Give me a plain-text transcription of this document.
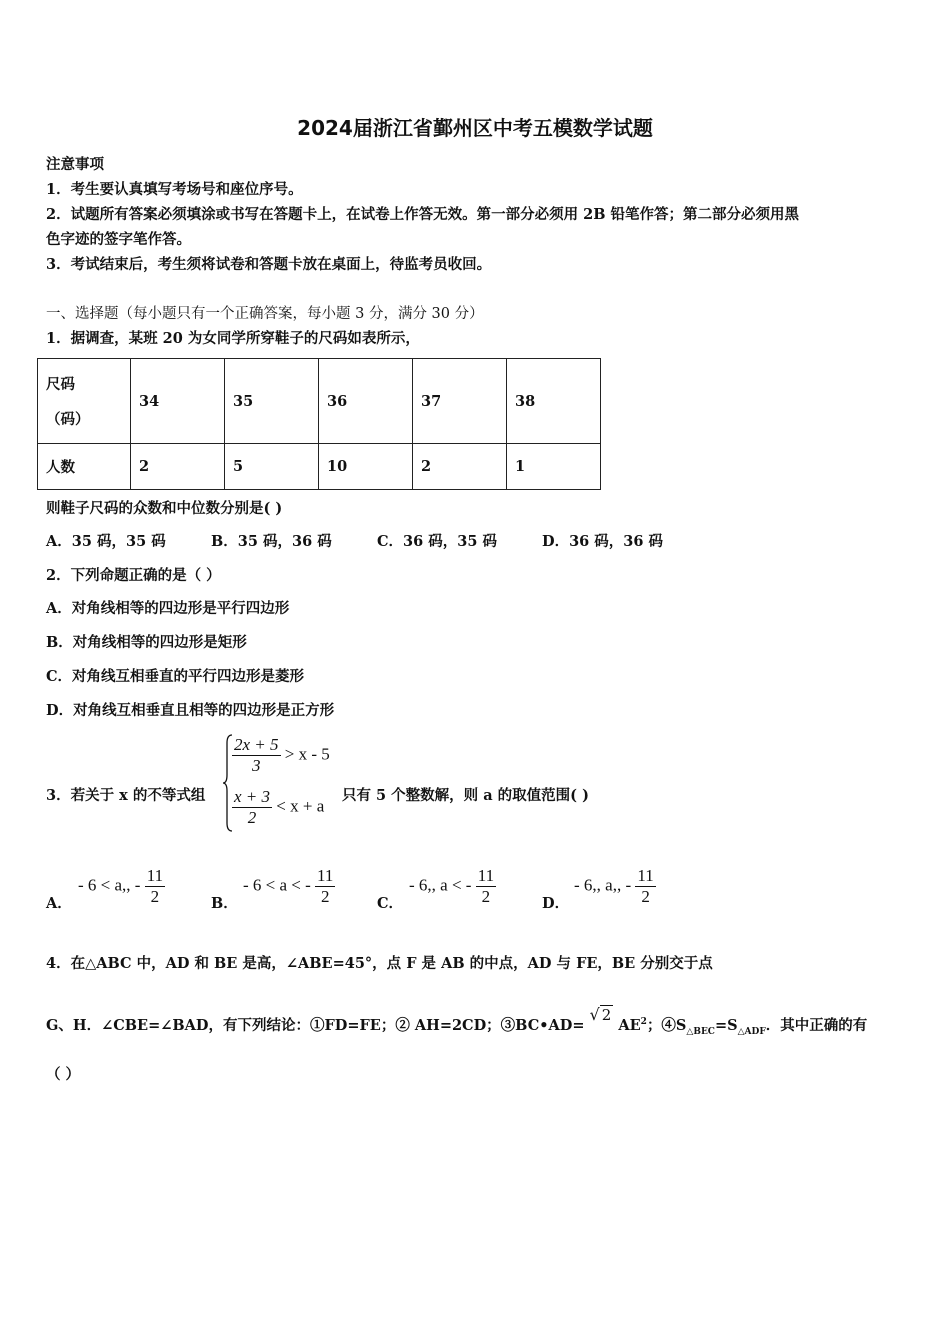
2024届浙江省鄞州区中考五模数学试题
注意事项
1．考生要认真填写考场号和座位序号。
2．试题所有答案必须填涂或书写在答题卡上，在试卷上作答无效。第一部分必须用 2B 铅笔作答；第二部分必须用黑
色字迹的签字笔作答。
3．考试结束后，考生须将试卷和答题卡放在桌面上，待监考员收回。
一、选择题（每小题只有一个正确答案，每小题 3 分，满分 30 分）
1．据调查，某班 20 为女同学所穿鞋子的尺码如表所示，
尺码
（码）	34	35	36	37	38
人数	2	5	10	2	1
则鞋子尺码的众数和中位数分别是( )
A．35 码，35 码	B．35 码，36 码	C．36 码，35 码	D．36 码，36 码
2．下列命题正确的是（ ）
A．对角线相等的四边形是平行四边形
B．对角线相等的四边形是矩形
C．对角线互相垂直的平行四边形是菱形
D．对角线互相垂直且相等的四边形是正方形
3．若关于 x 的不等式组
$\frac{2x + 5}{3} > x - 5$
$\frac{x + 3}{2} < x + a$
只有 5 个整数解，则 a 的取值范围( )
A．
- 6 < a,, - $\frac{11}{2}$	B．
- 6 < a < - $\frac{11}{2}$	C．
- 6,, a < - $\frac{11}{2}$	D．
- 6,, a,, - $\frac{11}{2}$
4．在△ABC 中，AD 和 BE 是高，∠ABE=45°，点 F 是 AB 的中点，AD 与 FE，BE 分别交于点
G、H．∠CBE=∠BAD，有下列结论：①FD=FE；② AH=2CD；③BC•AD= √ 2 $AE^2$；$④S_{\triangle BEC}=S_{\triangle ADF}$．其中正确的有
（ ）
